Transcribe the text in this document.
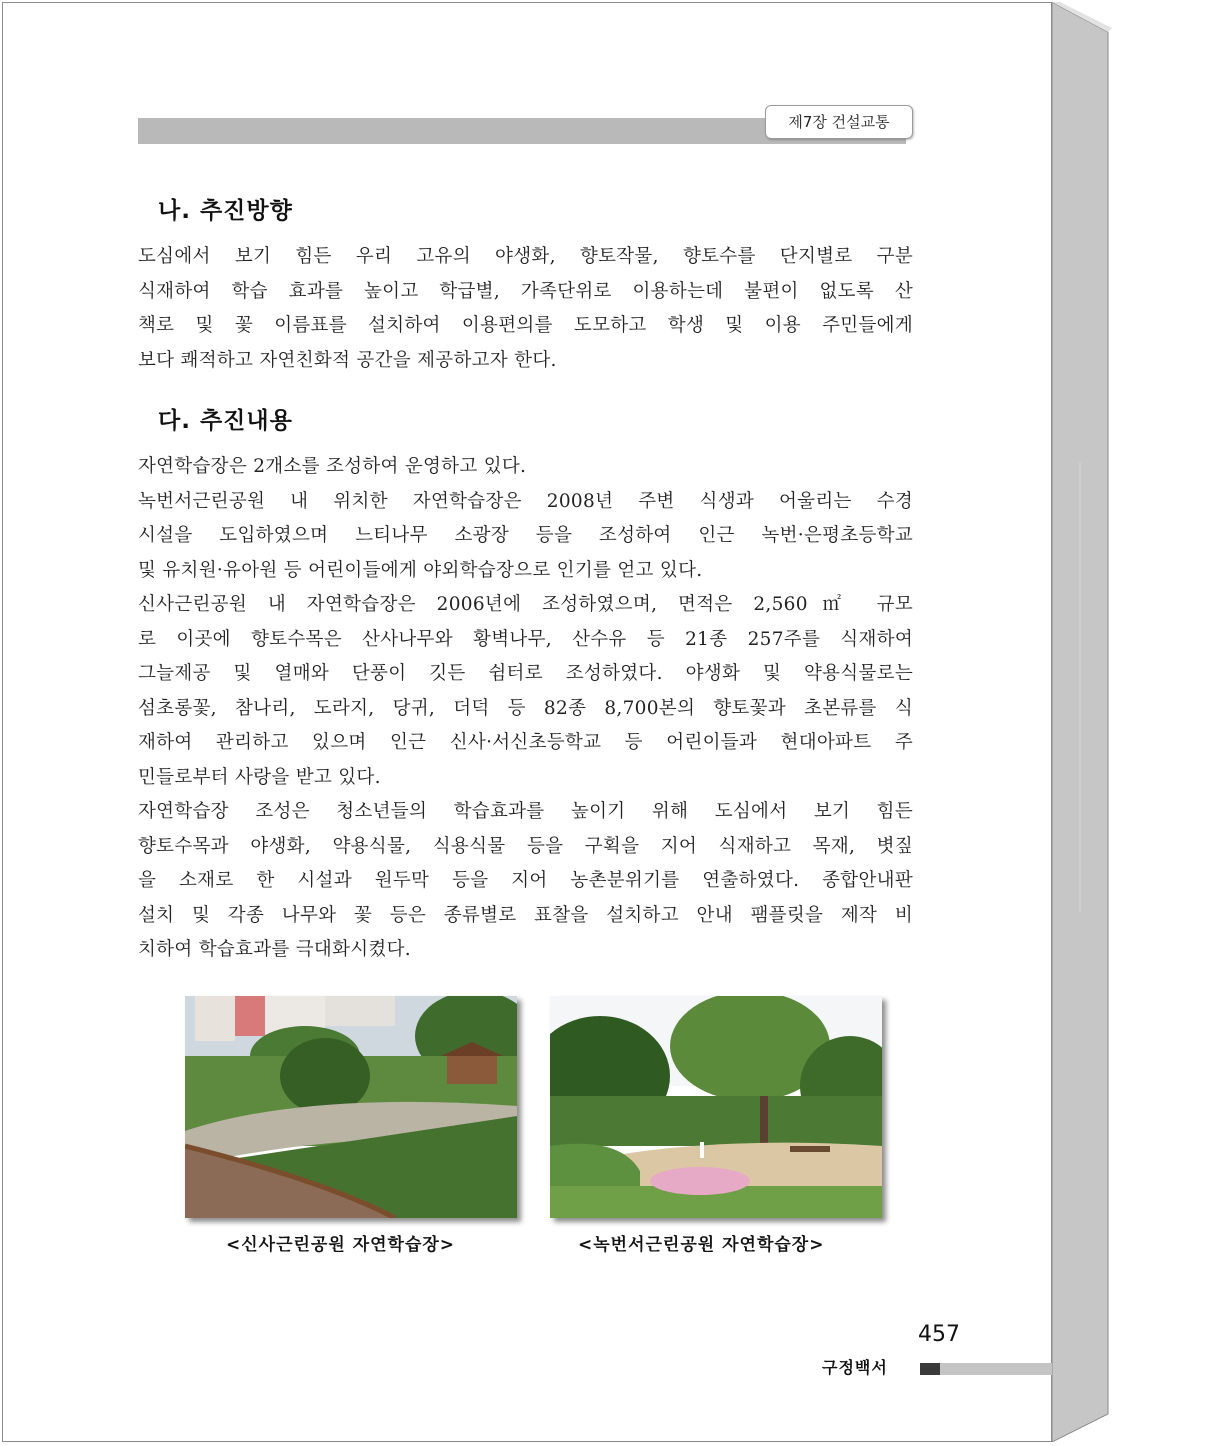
제7장 건설교통
나. 추진방향
도심에서 보기 힘든 우리 고유의 야생화, 향토작물, 향토수를 단지별로 구분
식재하여 학습 효과를 높이고 학급별, 가족단위로 이용하는데 불편이 없도록 산
책로 및 꽃 이름표를 설치하여 이용편의를 도모하고 학생 및 이용 주민들에게
보다 쾌적하고 자연친화적 공간을 제공하고자 한다.
다. 추진내용
자연학습장은 2개소를 조성하여 운영하고 있다.
녹번서근린공원 내 위치한 자연학습장은 2008년 주변 식생과 어울리는 수경
시설을 도입하였으며 느티나무 소광장 등을 조성하여 인근 녹번·은평초등학교
및 유치원·유아원 등 어린이들에게 야외학습장으로 인기를 얻고 있다.
신사근린공원 내 자연학습장은 2006년에 조성하였으며, 면적은 2,560㎡ 규모
로 이곳에 향토수목은 산사나무와 황벽나무, 산수유 등 21종 257주를 식재하여
그늘제공 및 열매와 단풍이 깃든 쉼터로 조성하였다. 야생화 및 약용식물로는
섬초롱꽃, 참나리, 도라지, 당귀, 더덕 등 82종 8,700본의 향토꽃과 초본류를 식
재하여 관리하고 있으며 인근 신사·서신초등학교 등 어린이들과 현대아파트 주
민들로부터 사랑을 받고 있다.
자연학습장 조성은 청소년들의 학습효과를 높이기 위해 도심에서 보기 힘든
향토수목과 야생화, 약용식물, 식용식물 등을 구획을 지어 식재하고 목재, 볏짚
을 소재로 한 시설과 원두막 등을 지어 농촌분위기를 연출하였다. 종합안내판
설치 및 각종 나무와 꽃 등은 종류별로 표찰을 설치하고 안내 팸플릿을 제작 비
치하여 학습효과를 극대화시켰다.
<신사근린공원 자연학습장>	<녹번서근린공원 자연학습장>
457
구정백서
